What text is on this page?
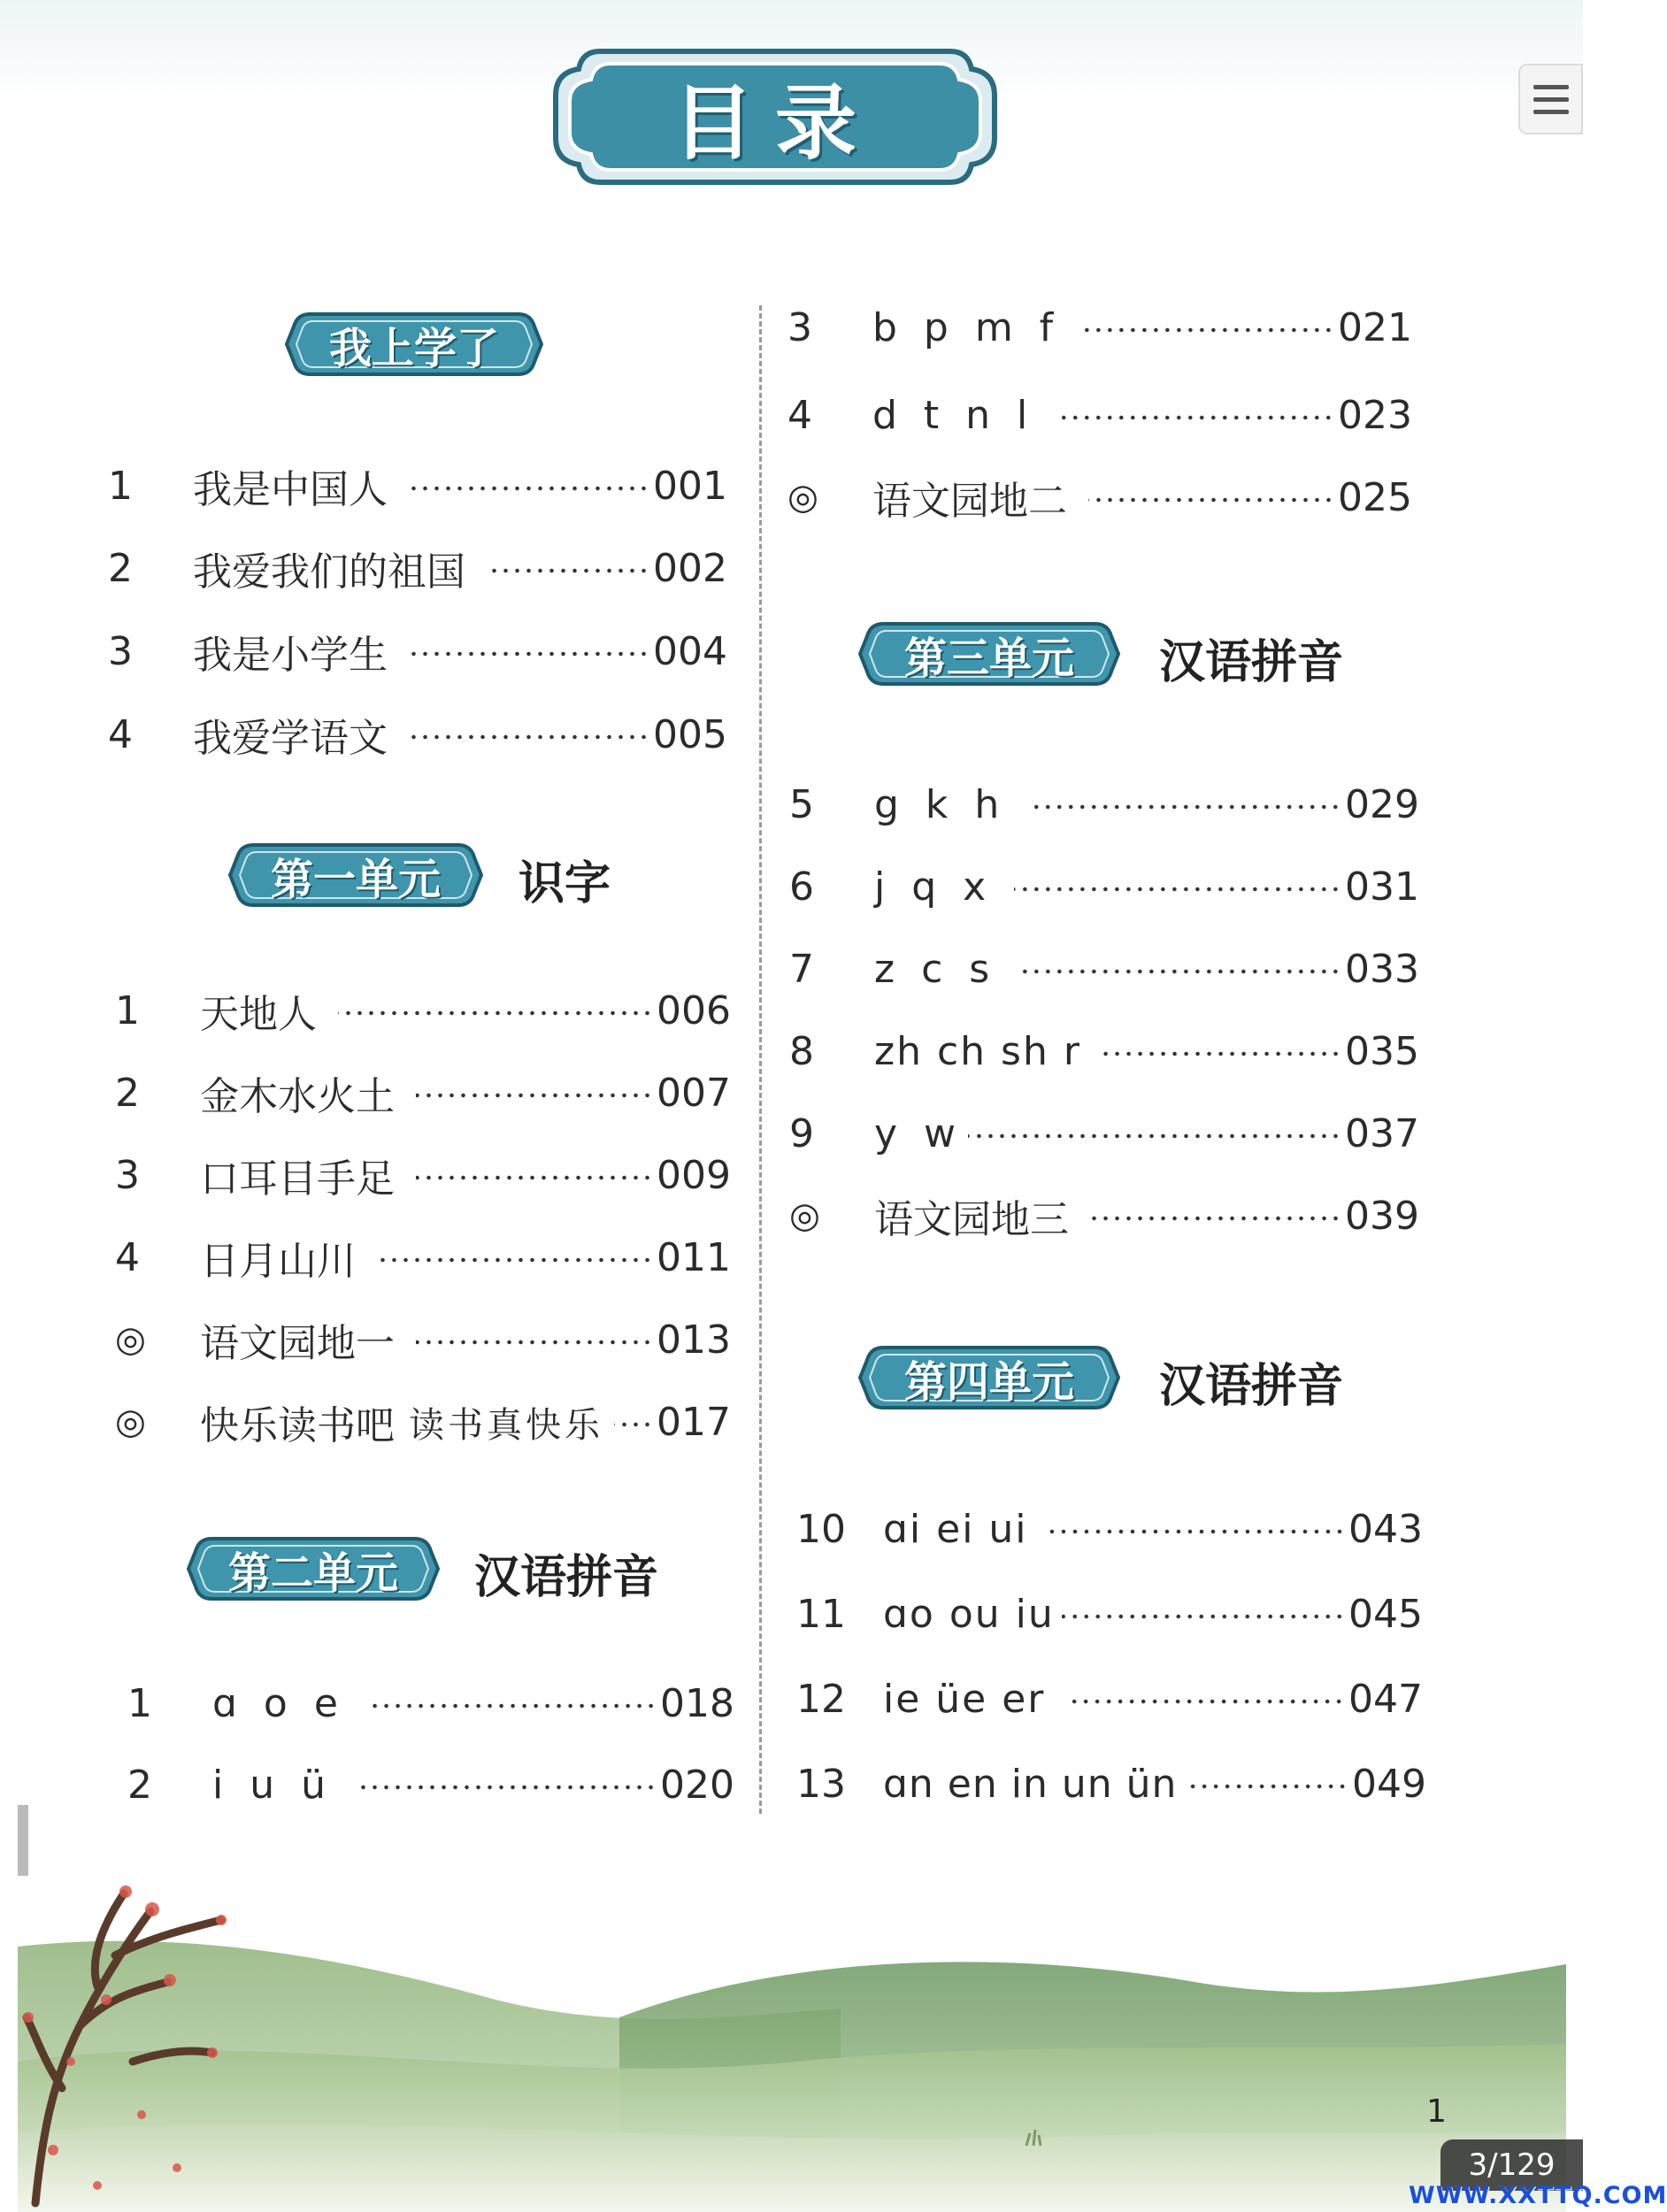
目录
我上学了
1	我是中国人	001
2	我爱我们的祖国	002
3	我是小学生	004
4	我爱学语文	005
第一单元	识字
1	天地人	006
2	金木水火土	007
3	口耳目手足	009
4	日月山川	011
◎	语文园地一	013
◎	快乐读书吧 读书真快乐 017
第二单元	汉语拼音
1	ɑ o e	018
2	i u ü	020
3	b p m f	021
4	d t n l	023
◎	语文园地二	025
第三单元	汉语拼音
5	g k h	029
6	j q x	031
7	z c s	033
8	zh ch sh r	035
9	y w	037
◎	语文园地三	039
第四单元	汉语拼音
10 ɑi ei ui	043
11 ɑo ou iu	045
12 ie üe er	047
13 ɑn en in un ün	049
1
3/129
WWW.XXTTQ.COM
